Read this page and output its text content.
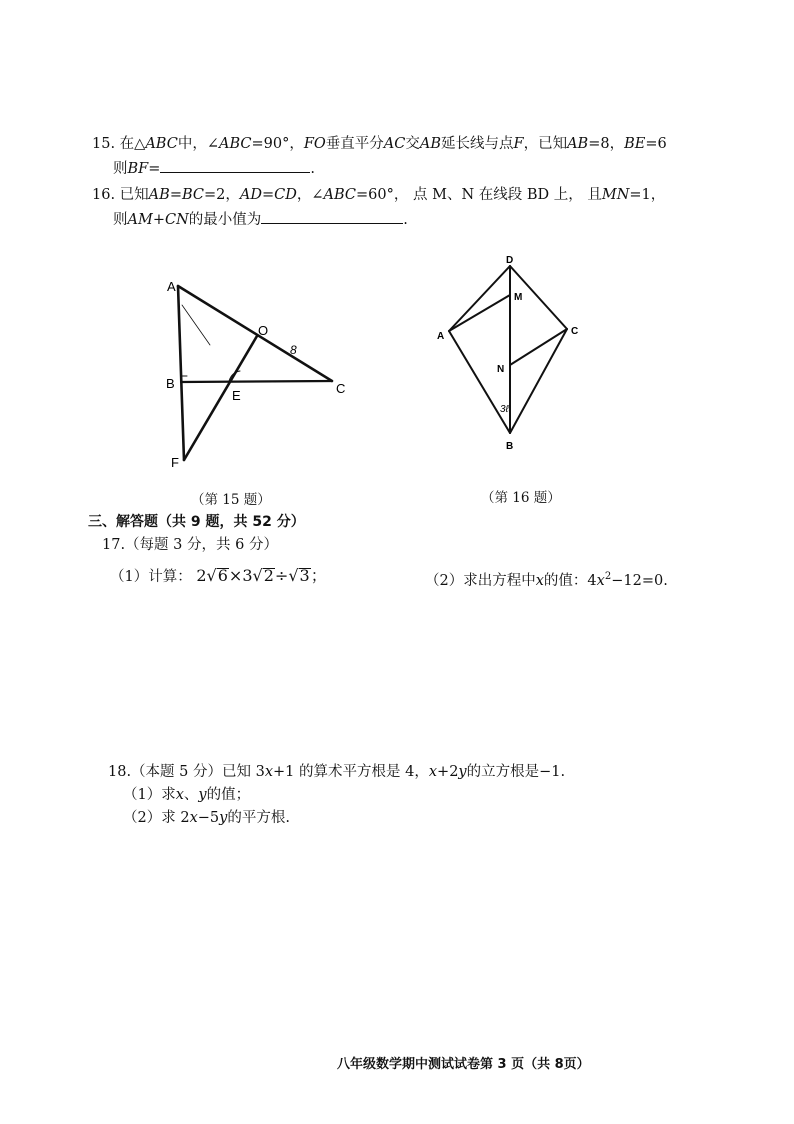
15. 在△ABC中，∠ABC=90°，FO垂直平分AC交AB延长线与点F，已知AB=8，BE=6
则BF=	.
16. 已知AB=BC=2，AD=CD，∠ABC=60°， 点 M、N 在线段 BD 上， 且MN=1，
则AM+CN的最小值为	.
A
O
8
B
E	C
F
（第 15 题）
D
M
A	C
N
3ℓ
B
（第 16 题）
三、解答题（共 9 题，共 52 分）
17.（每题 3 分，共 6 分）
（1）计算： 2√6×3√2÷√3；	（2）求出方程中x的值：$4x^2-12=0$.
18.（本题 5 分）已知 3x+1 的算术平方根是 4，x+2y的立方根是−1.
（1）求x、y的值；
（2）求 2x−5y的平方根.
八年级数学期中测试试卷第 3 页（共 8页）
